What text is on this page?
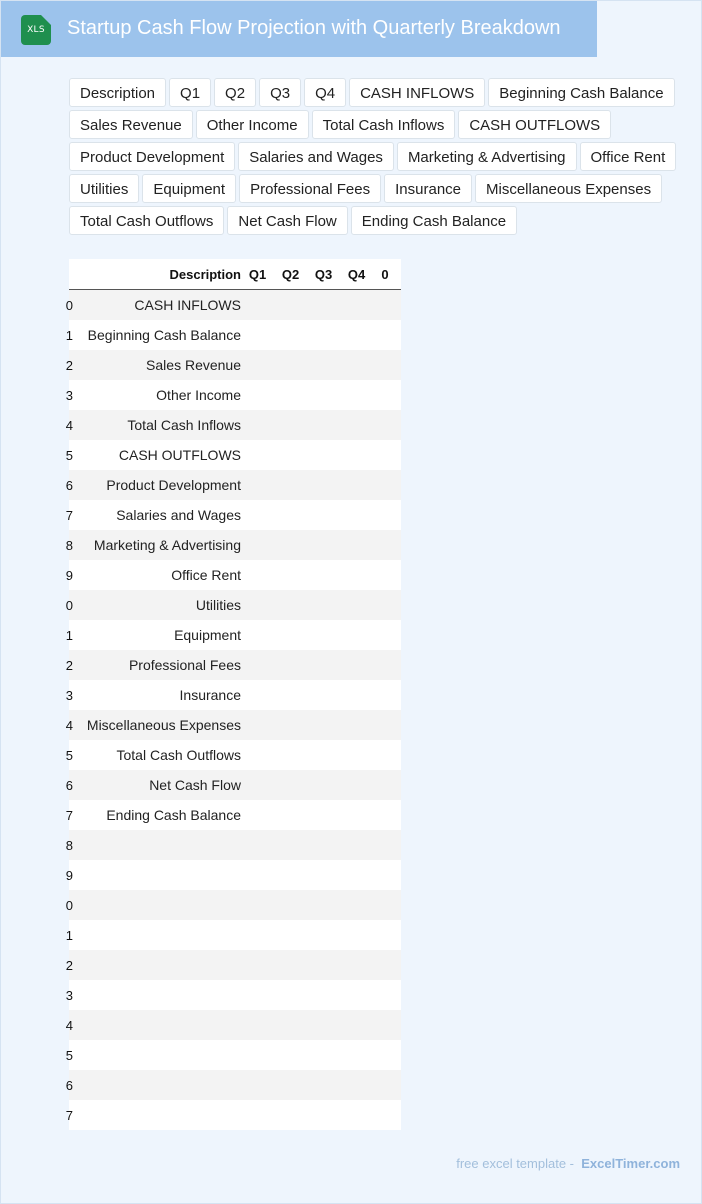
XLS	Startup Cash Flow Projection with Quarterly Breakdown
Description	Q1	Q2	Q3	Q4	CASH INFLOWS	Beginning Cash Balance
Sales Revenue	Other Income	Total Cash Inflows	CASH OUTFLOWS
Product Development	Salaries and Wages	Marketing & Advertising	Office Rent
Utilities	Equipment	Professional Fees	Insurance	Miscellaneous Expenses
Total Cash Outflows	Net Cash Flow	Ending Cash Balance
Description Q1	Q2	Q3	Q4	0
0	CASH INFLOWS
1	Beginning Cash Balance
2	Sales Revenue
3	Other Income
4	Total Cash Inflows
5	CASH OUTFLOWS
6	Product Development
7	Salaries and Wages
8	Marketing & Advertising
9	Office Rent
0	Utilities
1	Equipment
2	Professional Fees
3	Insurance
4 Miscellaneous Expenses
5	Total Cash Outflows
6	Net Cash Flow
7	Ending Cash Balance
8
9
0
1
2
3
4
5
6
7
free excel template -  ExcelTimer.com
